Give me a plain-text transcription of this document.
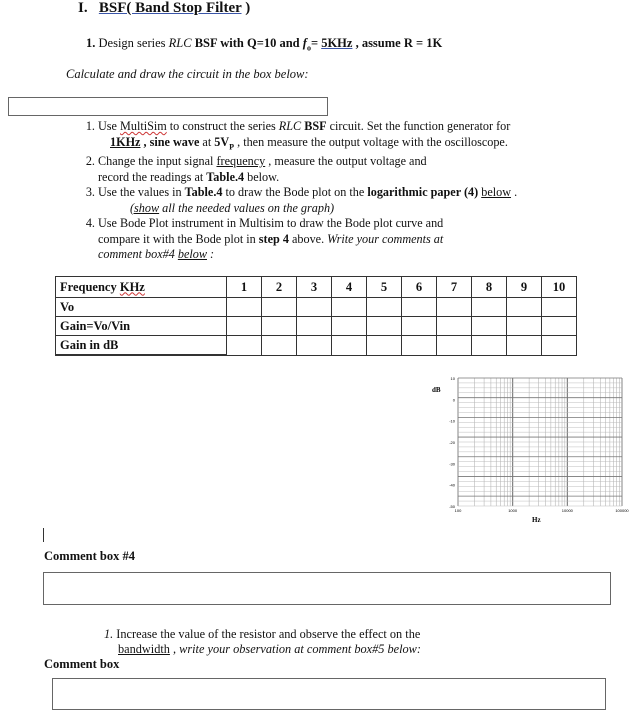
I. BSF( Band Stop Filter )
1. Design series RLC BSF with Q=10 and $f_o= 5KHz$ , assume R = 1K
Calculate and draw the circuit in the box below:
1. Use MultiSim to construct the series RLC BSF circuit. Set the function generator for
1KHz , sine wave at $5V_P$ , then measure the output voltage with the oscilloscope.
2. Change the input signal frequency , measure the output voltage and
record the readings at Table.4 below.
3. Use the values in Table.4 to draw the Bode plot on the logarithmic paper (4) below .
(show all the needed values on the graph)
4. Use Bode Plot instrument in Multisim to draw the Bode plot curve and
compare it with the Bode plot in step 4 above. Write your comments at
comment box#4 below :
Frequency KHz	1	2	3	4	5	6	7	8	9	10
Vo										
Gain=Vo/Vin										
Gain in dB										
dB
Hz
10
0
-10
-20
-30
-40
-50
100	1000	10000	100000
Comment box #4
1. Increase the value of the resistor and observe the effect on the
bandwidth , write your observation at comment box#5 below:
Comment box
